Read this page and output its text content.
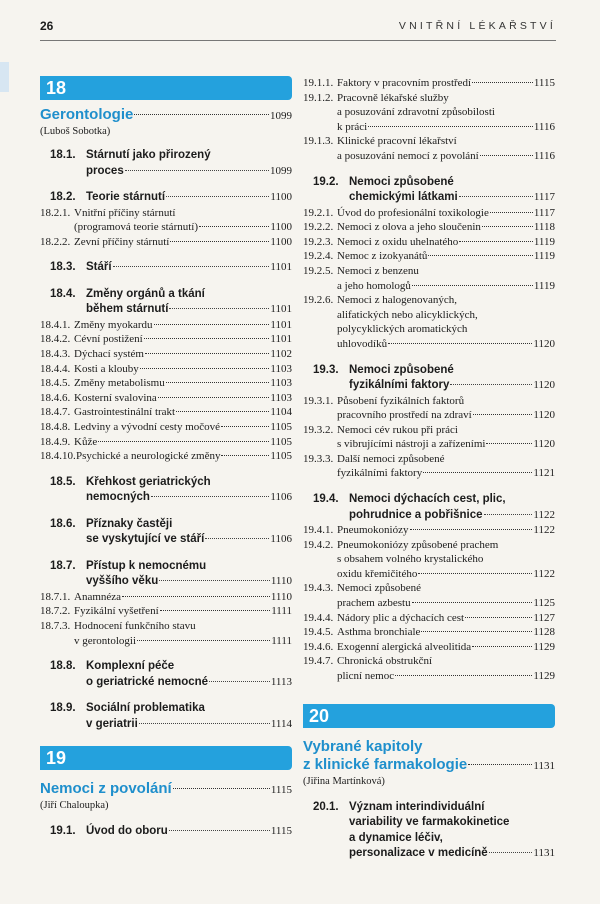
26	VNITŘNÍ LÉKAŘSTVÍ
18
Gerontologie	1099
(Luboš Sobotka)
18.1. Stárnutí jako přirozený
proces	1099
18.2. Teorie stárnutí	1100
18.2.1. Vnitřní příčiny stárnutí
(programová teorie stárnutí)	1100
18.2.2. Zevní příčiny stárnutí	1100
18.3. Stáří	1101
18.4. Změny orgánů a tkání
během stárnutí	1101
18.4.1. Změny myokardu	1101
18.4.2. Cévní postižení	1101
18.4.3. Dýchací systém	1102
18.4.4. Kosti a klouby	1103
18.4.5. Změny metabolismu	1103
18.4.6. Kosterní svalovina	1103
18.4.7. Gastrointestinální trakt	1104
18.4.8. Ledviny a vývodní cesty močové	1105
18.4.9. Kůže	1105
18.4.10. Psychické a neurologické změny	1105
18.5. Křehkost geriatrických
nemocných	1106
18.6. Příznaky častěji
se vyskytující ve stáří	1106
18.7. Přístup k nemocnému
vyššího věku	1110
18.7.1. Anamnéza	1110
18.7.2. Fyzikální vyšetření	1111
18.7.3. Hodnocení funkčního stavu
v gerontologii	1111
18.8. Komplexní péče
o geriatrické nemocné	1113
18.9. Sociální problematika
v geriatrii	1114
19
Nemoci z povolání	1115
(Jiří Chaloupka)
19.1. Úvod do oboru	1115
19.1.1. Faktory v pracovním prostředí	1115
19.1.2. Pracovně lékařské služby
a posuzování zdravotní způsobilosti
k práci	1116
19.1.3. Klinické pracovní lékařství
a posuzování nemocí z povolání	1116
19.2. Nemoci způsobené
chemickými látkami	1117
19.2.1. Úvod do profesionální toxikologie	1117
19.2.2. Nemoci z olova a jeho sloučenin	1118
19.2.3. Nemoci z oxidu uhelnatého	1119
19.2.4. Nemoc z izokyanátů	1119
19.2.5. Nemoci z benzenu
a jeho homologů	1119
19.2.6. Nemoci z halogenovaných,
alifatických nebo alicyklických,
polycyklických aromatických
uhlovodíků	1120
19.3. Nemoci způsobené
fyzikálními faktory	1120
19.3.1. Působení fyzikálních faktorů
pracovního prostředí na zdraví	1120
19.3.2. Nemoci cév rukou při práci
s vibrujícími nástroji a zařízeními	1120
19.3.3. Další nemoci způsobené
fyzikálními faktory	1121
19.4. Nemoci dýchacích cest, plic,
pohrudnice a pobřišnice	1122
19.4.1. Pneumokoniózy	1122
19.4.2. Pneumokoniózy způsobené prachem
s obsahem volného krystalického
oxidu křemičitého	1122
19.4.3. Nemoci způsobené
prachem azbestu	1125
19.4.4. Nádory plic a dýchacích cest	1127
19.4.5. Asthma bronchiale	1128
19.4.6. Exogenní alergická alveolitida	1129
19.4.7. Chronická obstrukční
plicní nemoc	1129
20
Vybrané kapitoly
z klinické farmakologie	1131
(Jiřina Martínková)
20.1. Význam interindividuální
variability ve farmakokinetice
a dynamice léčiv,
personalizace v medicíně	1131
